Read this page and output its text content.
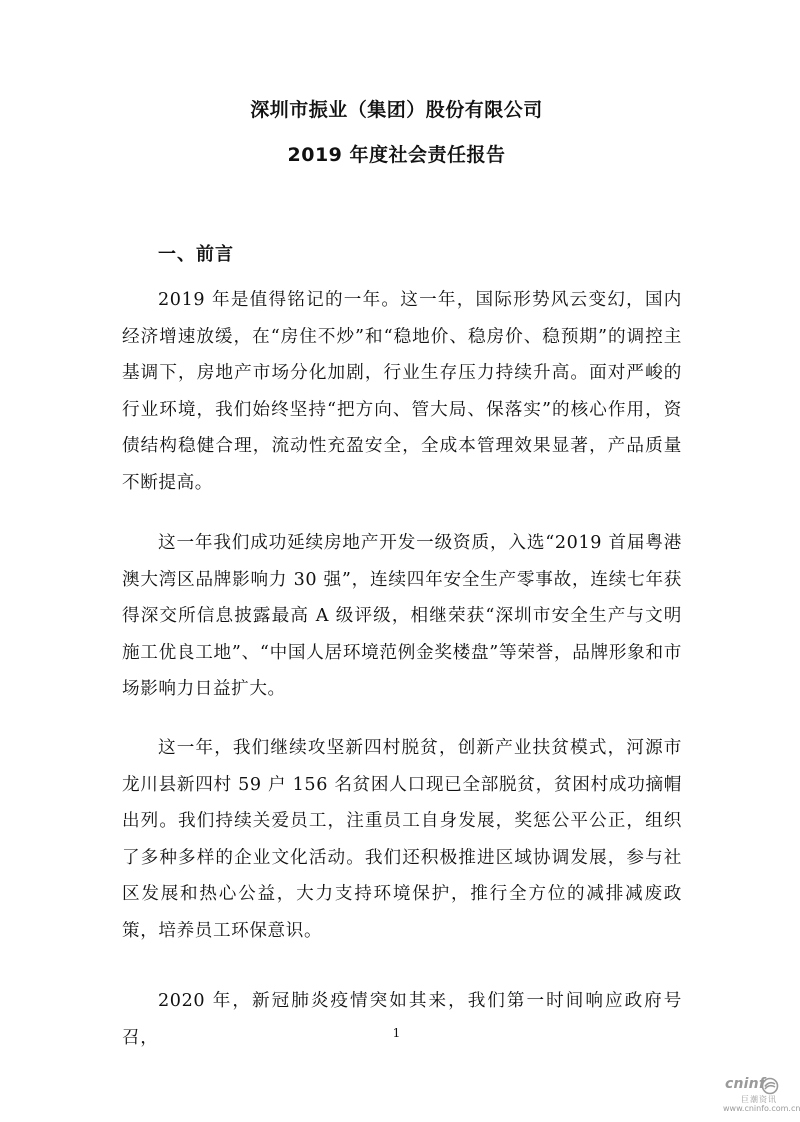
深圳市振业（集团）股份有限公司
2019 年度社会责任报告
一、前言

2019 年是值得铭记的一年。这一年，国际形势风云变幻，国内经济增速放缓，在“房住不炒”和“稳地价、稳房价、稳预期”的调控主基调下，房地产市场分化加剧，行业生存压力持续升高。面对严峻的行业环境，我们始终坚持“把方向、管大局、保落实”的核心作用，资债结构稳健合理，流动性充盈安全，全成本管理效果显著，产品质量不断提高。

这一年我们成功延续房地产开发一级资质，入选“2019 首届粤港澳大湾区品牌影响力 30 强”，连续四年安全生产零事故，连续七年获得深交所信息披露最高 A 级评级，相继荣获“深圳市安全生产与文明施工优良工地”、“中国人居环境范例金奖楼盘”等荣誉，品牌形象和市场影响力日益扩大。

这一年，我们继续攻坚新四村脱贫，创新产业扶贫模式，河源市龙川县新四村 59 户 156 名贫困人口现已全部脱贫，贫困村成功摘帽出列。我们持续关爱员工，注重员工自身发展，奖惩公平公正，组织了多种多样的企业文化活动。我们还积极推进区域协调发展，参与社区发展和热心公益，大力支持环境保护，推行全方位的减排减废政策，培养员工环保意识。

2020 年，新冠肺炎疫情突如其来，我们第一时间响应政府号召，	1
cninf
巨潮资讯
www.cninfo.com.cn
